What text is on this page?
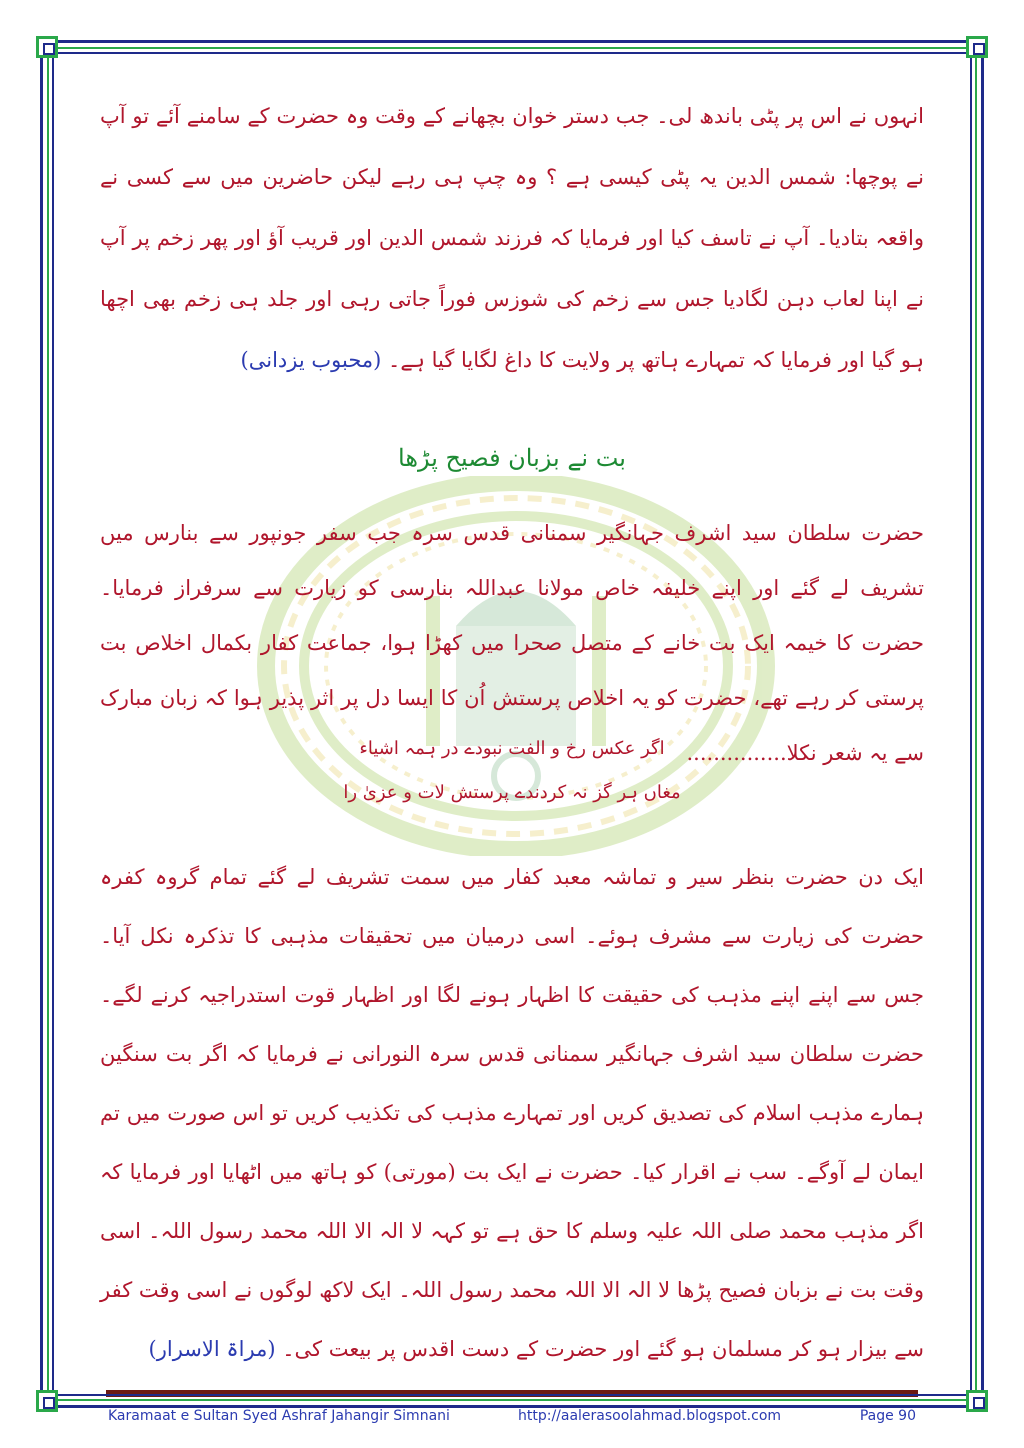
انہوں نے اس پر پٹی باندھ لی۔ جب دستر خوان بچھانے کے وقت وہ حضرت کے سامنے آئے تو آپ نے پوچھا: شمس الدین یہ پٹی کیسی ہے ؟ وہ چپ ہی رہے لیکن حاضرین میں سے کسی نے واقعہ بتادیا۔ آپ نے تاسف کیا اور فرمایا کہ فرزند شمس الدین اور قریب آؤ اور پھر زخم پر آپ نے اپنا لعاب دہن لگادیا جس سے زخم کی شوزس فوراً جاتی رہی اور جلد ہی زخم بھی اچھا ہو گیا اور فرمایا کہ تمہارے ہاتھ پر ولایت کا داغ لگایا گیا ہے۔ (محبوب یزدانی)
بت نے بزبان فصیح پڑھا
حضرت سلطان سید اشرف جہانگیر سمنانی قدس سرہ جب سفر جونپور سے بنارس میں تشریف لے گئے اور اپنے خلیفہ خاص مولانا عبداللہ بنارسی کو زیارت سے سرفراز فرمایا۔ حضرت کا خیمہ ایک بت خانے کے متصل صحرا میں کھڑا ہوا، جماعت کفار بکمال اخلاص بت پرستی کر رہے تھے، حضرت کو یہ اخلاص پرستش اُن کا ایسا دل پر اثر پذیر ہوا کہ زبان مبارک سے یہ شعر نکلا...............
اگر عکس رخ و الفت نبودے در ہمہ اشیاء
مغاں ہر گز نہ کردندے پرستش لات و عزیٰ را
ایک دن حضرت بنظر سیر و تماشہ معبد کفار میں سمت تشریف لے گئے تمام گروہ کفرہ حضرت کی زیارت سے مشرف ہوئے۔ اسی درمیان میں تحقیقات مذہبی کا تذکرہ نکل آیا۔ جس سے اپنے اپنے مذہب کی حقیقت کا اظہار ہونے لگا اور اظہار قوت استدراجیہ کرنے لگے۔ حضرت سلطان سید اشرف جہانگیر سمنانی قدس سرہ النورانی نے فرمایا کہ اگر بت سنگین ہمارے مذہب اسلام کی تصدیق کریں اور تمہارے مذہب کی تکذیب کریں تو اس صورت میں تم ایمان لے آوگے۔ سب نے اقرار کیا۔ حضرت نے ایک بت (مورتی) کو ہاتھ میں اٹھایا اور فرمایا کہ اگر مذہب محمد صلی اللہ علیہ وسلم کا حق ہے تو کہہ لا الہ الا اللہ محمد رسول اللہ۔ اسی وقت بت نے بزبان فصیح پڑھا لا الہ الا اللہ محمد رسول اللہ۔ ایک لاکھ لوگوں نے اسی وقت کفر سے بیزار ہو کر مسلمان ہو گئے اور حضرت کے دست اقدس پر بیعت کی۔ (مراۃ الاسرار)
Karamaat e Sultan Syed Ashraf Jahangir Simnani	http://aalerasoolahmad.blogspot.com	Page 90
